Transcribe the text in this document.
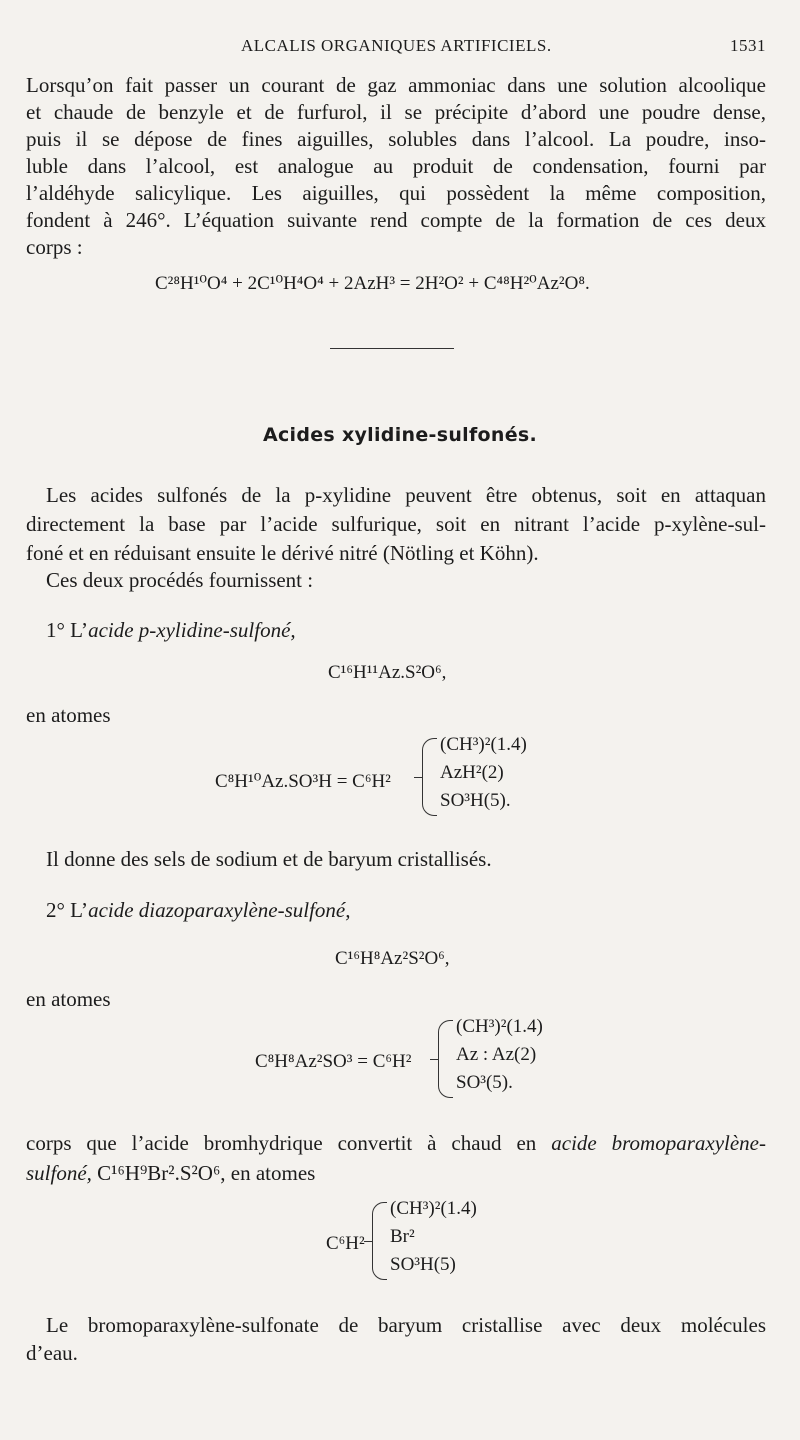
ALCALIS ORGANIQUES ARTIFICIELS.	1531
Lorsqu’on fait passer un courant de gaz ammoniac dans une solution alcoolique
et chaude de benzyle et de furfurol, il se précipite d’abord une poudre dense,
puis il se dépose de fines aiguilles, solubles dans l’alcool. La poudre, inso-
luble dans l’alcool, est analogue au produit de condensation, fourni par
l’aldéhyde salicylique. Les aiguilles, qui possèdent la même composition,
fondent à 246°. L’équation suivante rend compte de la formation de ces deux
corps :
C²⁸H¹⁰O⁴ + 2C¹⁰H⁴O⁴ + 2AzH³ = 2H²O² + C⁴⁸H²⁰Az²O⁸.
Acides xylidine-sulfonés.
Les acides sulfonés de la p-xylidine peuvent être obtenus, soit en attaquan
directement la base par l’acide sulfurique, soit en nitrant l’acide p-xylène-sul-
foné et en réduisant ensuite le dérivé nitré (Nötling et Köhn).
Ces deux procédés fournissent :
1° L’acide p-xylidine-sulfoné,
C¹⁶H¹¹Az.S²O⁶,
en atomes
C⁸H¹⁰Az.SO³H = C⁶H²
(CH³)²(1.4)
AzH²(2)
SO³H(5).
Il donne des sels de sodium et de baryum cristallisés.
2° L’acide diazoparaxylène-sulfoné,
C¹⁶H⁸Az²S²O⁶,
en atomes
C⁸H⁸Az²SO³ = C⁶H²
(CH³)²(1.4)
Az : Az(2)
SO³(5).
corps que l’acide bromhydrique convertit à chaud en acide bromoparaxylène-
sulfoné, C¹⁶H⁹Br².S²O⁶, en atomes
C⁶H²
(CH³)²(1.4)
Br²
SO³H(5)
Le bromoparaxylène-sulfonate de baryum cristallise avec deux molécules
d’eau.
